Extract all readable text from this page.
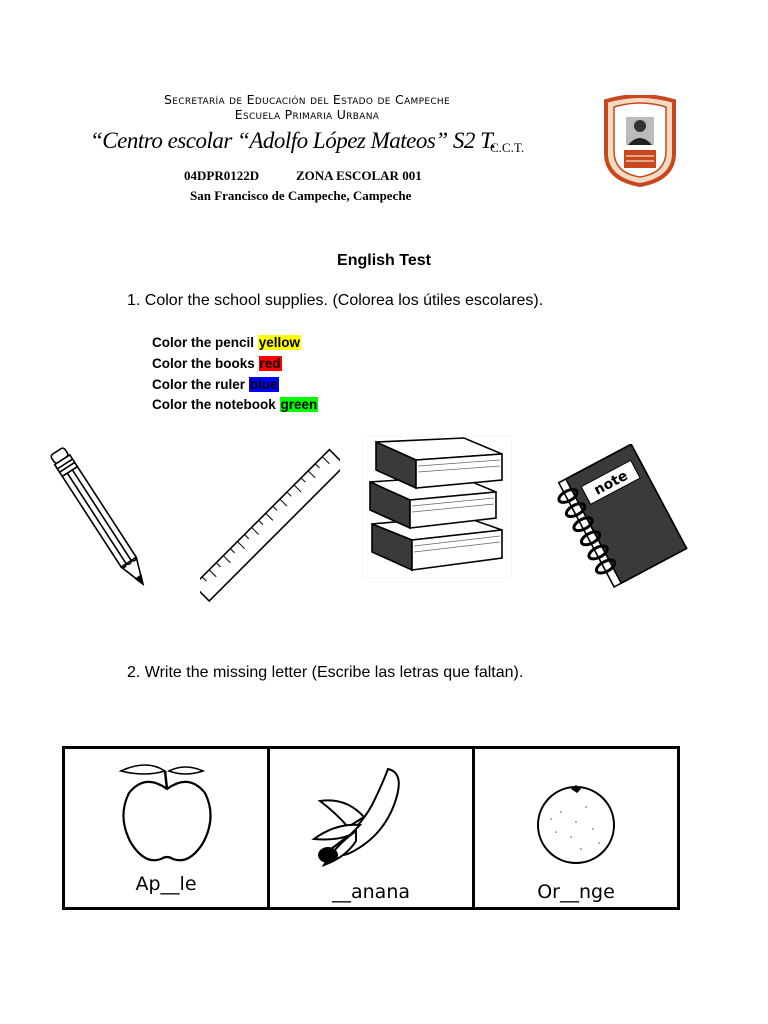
Secretaría de Educación del Estado de Campeche
Escuela Primaria Urbana
“Centro escolar “Adolfo López Mateos” S2 T.
C.C.T.
04DPR0122D	ZONA ESCOLAR 001
San Francisco de Campeche, Campeche
English Test
1. Color the school supplies. (Colorea los útiles escolares).
Color the pencil yellow
Color the books red
Color the ruler blue
Color the notebook green
note
2. Write the missing letter (Escribe las letras que faltan).
Ap__le	__anana	Or__nge
